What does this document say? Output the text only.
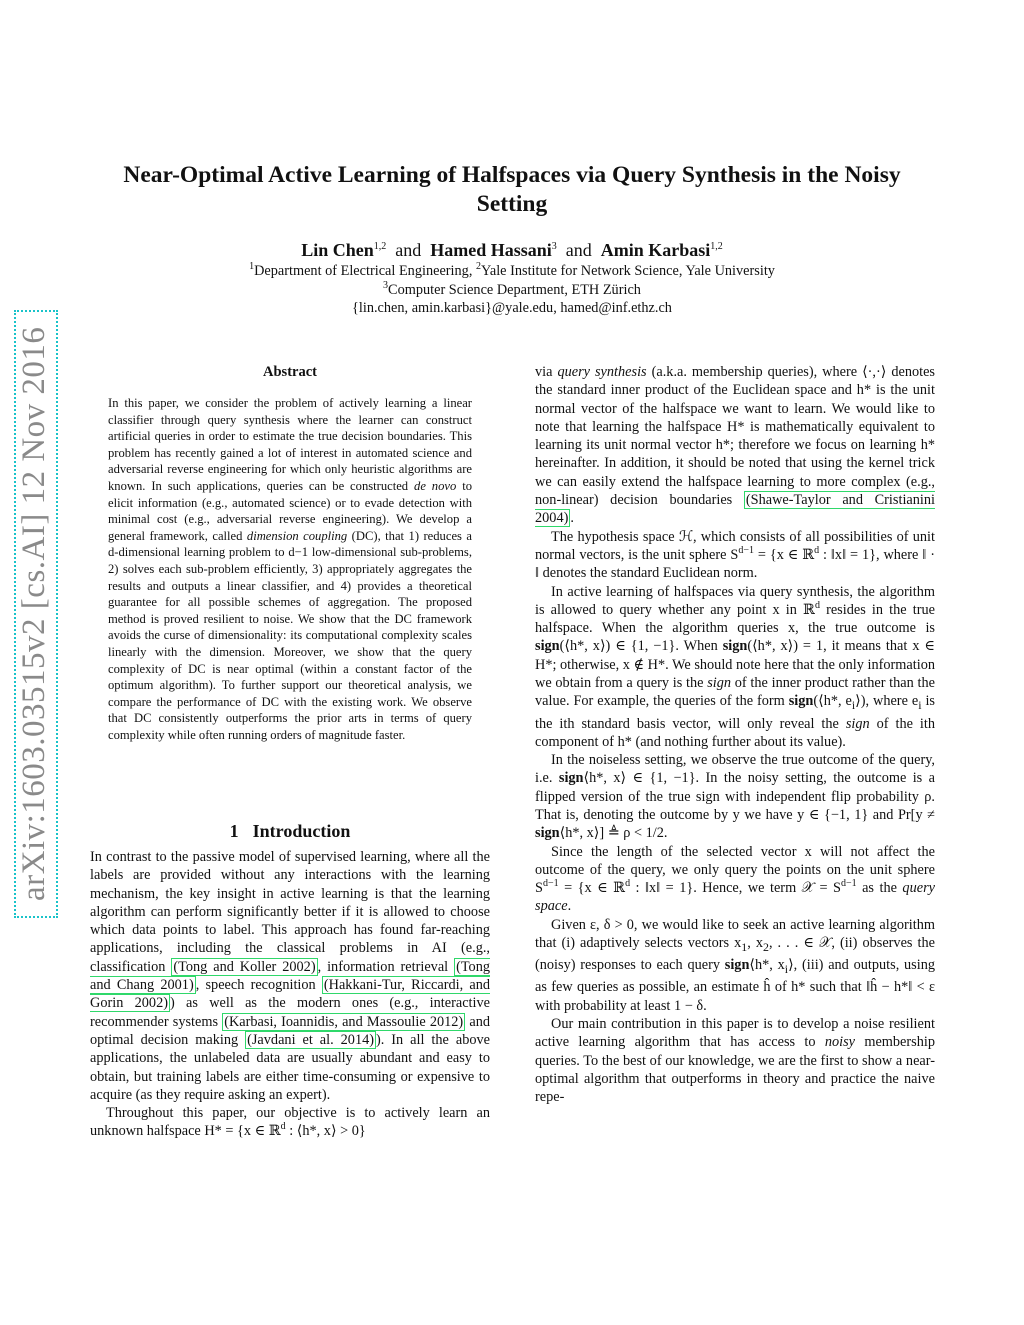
arXiv:1603.03515v2 [cs.AI] 12 Nov 2016
Near-Optimal Active Learning of Halfspaces via Query Synthesis in the Noisy Setting
Lin Chen$^{1,2}$ and Hamed Hassani$^3$ and Amin Karbasi$^{1,2}$
$^1$Department of Electrical Engineering, $^2$Yale Institute for Network Science, Yale University
$^3$Computer Science Department, ETH Zürich
{lin.chen, amin.karbasi}@yale.edu, hamed@inf.ethz.ch
Abstract
In this paper, we consider the problem of actively learning a linear classifier through query synthesis where the learner can construct artificial queries in order to estimate the true decision boundaries. This problem has recently gained a lot of interest in automated science and adversarial reverse engineering for which only heuristic algorithms are known. In such applications, queries can be constructed de novo to elicit information (e.g., automated science) or to evade detection with minimal cost (e.g., adversarial reverse engineering). We develop a general framework, called dimension coupling (DC), that 1) reduces a d-dimensional learning problem to d−1 low-dimensional sub-problems, 2) solves each sub-problem efficiently, 3) appropriately aggregates the results and outputs a linear classifier, and 4) provides a theoretical guarantee for all possible schemes of aggregation. The proposed method is proved resilient to noise. We show that the DC framework avoids the curse of dimensionality: its computational complexity scales linearly with the dimension. Moreover, we show that the query complexity of DC is near optimal (within a constant factor of the optimum algorithm). To further support our theoretical analysis, we compare the performance of DC with the existing work. We observe that DC consistently outperforms the prior arts in terms of query complexity while often running orders of magnitude faster.
1 Introduction

In contrast to the passive model of supervised learning, where all the labels are provided without any interactions with the learning mechanism, the key insight in active learning is that the learning algorithm can perform significantly better if it is allowed to choose which data points to label. This approach has found far-reaching applications, including the classical problems in AI (e.g., classification (Tong and Koller 2002) , information retrieval (Tong and Chang 2001) , speech recognition (Hakkani-Tur, Riccardi, and Gorin 2002) ) as well as the modern ones (e.g., interactive recommender systems (Karbasi, Ioannidis, and Massoulie 2012) and optimal decision making (Javdani et al. 2014) ). In all the above applications, the unlabeled data are usually abundant and easy to obtain, but training labels are either time-consuming or expensive to acquire (as they require asking an expert).

Throughout this paper, our objective is to actively learn an unknown halfspace H* = {x ∈ ℝ$^d$ : ⟨h*, x⟩ > 0}

via query synthesis (a.k.a. membership queries), where ⟨·,·⟩ denotes the standard inner product of the Euclidean space and h* is the unit normal vector of the halfspace we want to learn. We would like to note that learning the halfspace H* is mathematically equivalent to learning its unit normal vector h*; therefore we focus on learning h* hereinafter. In addition, it should be noted that using the kernel trick we can easily extend the halfspace learning to more complex (e.g., non-linear) decision boundaries (Shawe-Taylor and Cristianini 2004) .

The hypothesis space ℋ, which consists of all possibilities of unit normal vectors, is the unit sphere $S^{d-1} = \{x$ ∈ ℝ$^d$ : ‖x‖ = 1}, where ‖ · ‖ denotes the standard Euclidean norm.

In active learning of halfspaces via query synthesis, the algorithm is allowed to query whether any point x in ℝ$^d$ resides in the true halfspace. When the algorithm queries x, the true outcome is sign(⟨h*, x⟩) ∈ {1, −1}. When sign(⟨h*, x⟩) = 1, it means that x ∈ H*; otherwise, x ∉ H*. We should note here that the only information we obtain from a query is the sign of the inner product rather than the value. For example, the queries of the form sign(⟨h*, $e_i⟩$), where $e_i$ is the ith standard basis vector, will only reveal the sign of the ith component of h* (and nothing further about its value).

In the noiseless setting, we observe the true outcome of the query, i.e. sign⟨h*, x⟩ ∈ {1, −1}. In the noisy setting, the outcome is a flipped version of the true sign with independent flip probability ρ. That is, denoting the outcome by y we have y ∈ {−1, 1} and Pr[y ≠ sign⟨h*, x⟩] ≜ ρ < 1/2.

Since the length of the selected vector x will not affect the outcome of the query, we only query the points on the unit sphere $S^{d-1} = \{x$ ∈ ℝ$^d$ : ‖x‖ = 1}. Hence, we term 𝒳 = $S^{d-1}$ as the query space.

Given ε, δ > 0, we would like to seek an active learning algorithm that (i) adaptively selects vectors $x_1$, $x_2$, . . . ∈ 𝒳, (ii) observes the (noisy) responses to each query sign⟨h*, $x_i⟩$, (iii) and outputs, using as few queries as possible, an estimate ĥ of h* such that ‖ĥ − h*‖ < ε with probability at least 1 − δ.

Our main contribution in this paper is to develop a noise resilient active learning algorithm that has access to noisy membership queries. To the best of our knowledge, we are the first to show a near-optimal algorithm that outperforms in theory and practice the naive repe-
